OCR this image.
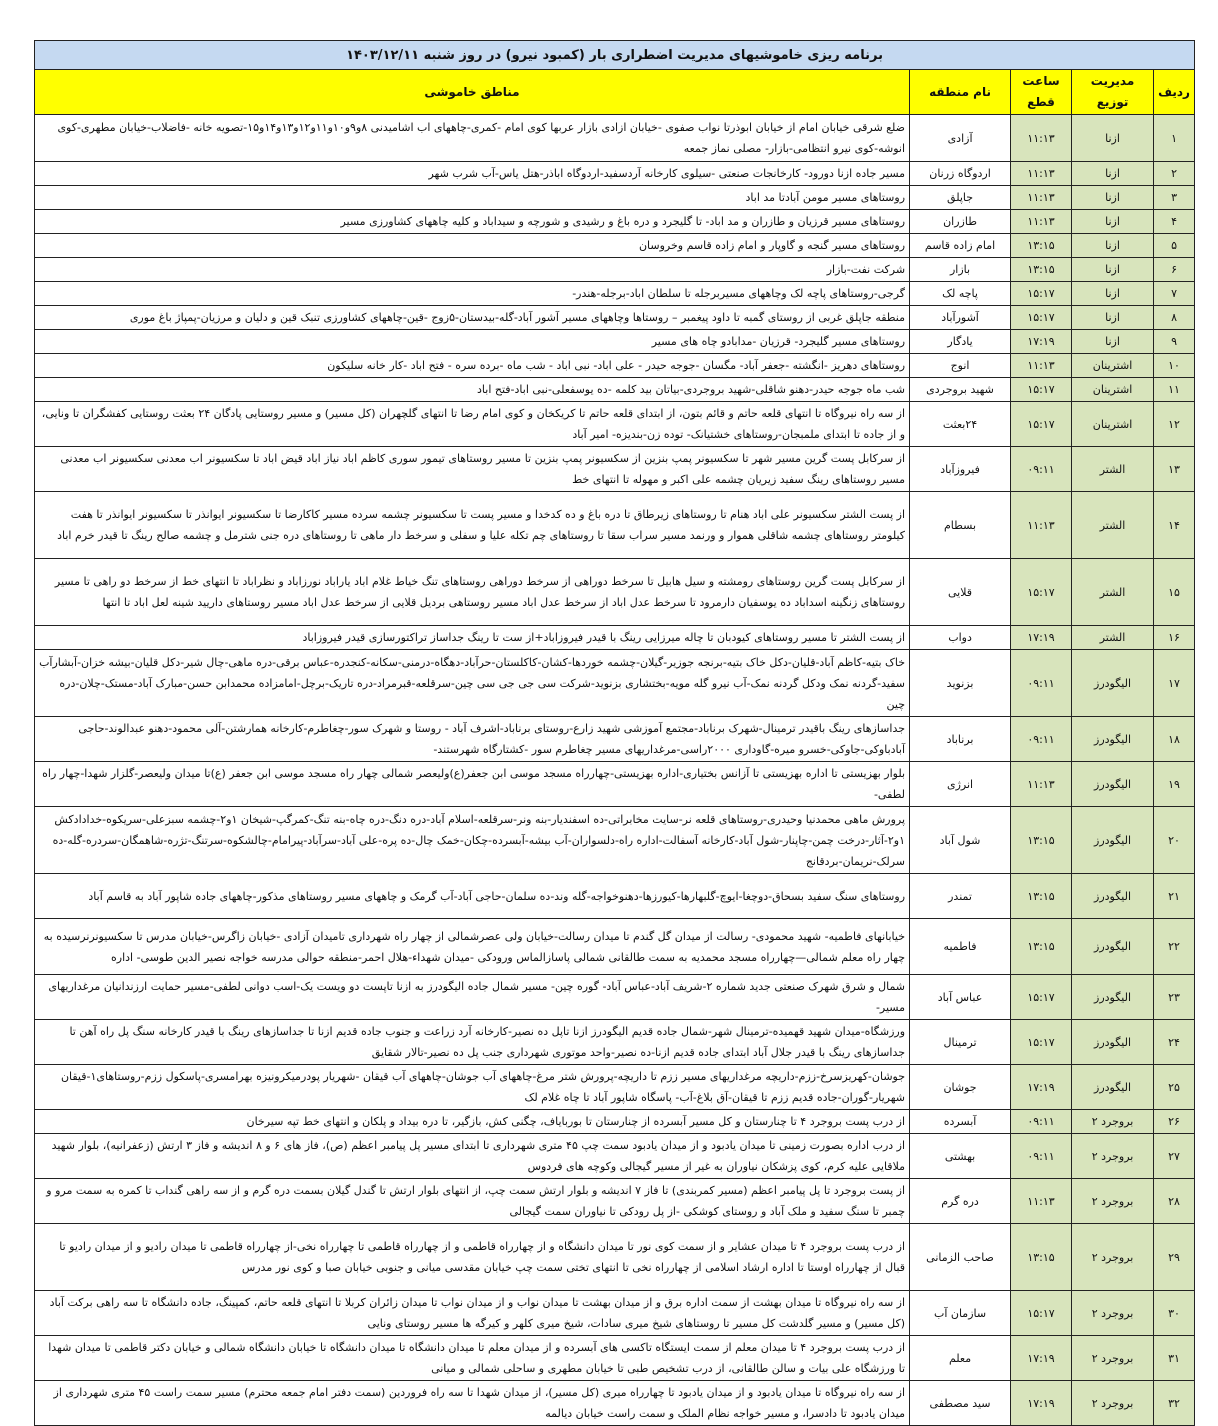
برنامه ریزی خاموشیهای مدیریت اضطراری بار (کمبود نیرو) در روز شنبه ۱۴۰۳/۱۲/۱۱				
ردیف	مدیریت توزیع	ساعت قطع	نام منطقه	مناطق خاموشی
۱	ازنا	۱۱:۱۳	آزادی	ضلع شرقی خیابان امام از خیابان ابوذرتا نواب صفوی -خیابان ازادی بازار عربها کوی امام -کمری-چاههای اب اشامیدنی ۸و۹و۱۰و۱۱و۱۲و۱۳و۱۴و۱۵-تصویه خانه -فاضلاب-خیابان مطهری-کوی انوشه-کوی نیرو انتظامی-بازار- مصلی نماز جمعه
۲	ازنا	۱۱:۱۳	اردوگاه زرنان	مسیر جاده ازنا دورود- کارخانجات صنعتی -سیلوی کارخانه آردسفید-اردوگاه اباذر-هتل یاس-آب شرب شهر
۳	ازنا	۱۱:۱۳	جاپلق	روستاهای مسیر مومن آبادتا مد اباد
۴	ازنا	۱۱:۱۳	طازران	روستاهای مسیر قرزیان و طازران و مد اباد- تا گلیجرد و دره باغ و رشیدی و شورچه و سیداباد و کلیه چاههای کشاورزی مسیر
۵	ازنا	۱۳:۱۵	امام زاده قاسم	روستاهای مسیر گنجه و گاوپار و امام زاده قاسم وخروسان
۶	ازنا	۱۳:۱۵	بازار	شرکت نفت-بازار
۷	ازنا	۱۵:۱۷	پاچه لک	گرجی-روستاهای پاچه لک وچاههای مسیربرجله تا سلطان اباد-برجله-هندر-
۸	ازنا	۱۵:۱۷	آشورآباد	منطقه جاپلق غربی از روستای گمبه تا داود پیغمبر – روستاها وچاههای مسیر آشور آباد-گله-بیدستان-۵زوج -قین-چاههای کشاورزی تنبک قین و دلیان و مرزیان-پمپاژ باغ موری
۹	ازنا	۱۷:۱۹	یادگار	روستاهای مسیر گلیجرد- قرزیان -مداباد‌و چاه های مسیر
۱۰	اشترینان	۱۱:۱۳	انوج	روستاهای دهریز -انگشته -جعفر آباد- مگسان -جوجه حیدر - علی اباد- نبی اباد - شب ماه -برده سره - فتح اباد -کار خانه سلیکون
۱۱	اشترینان	۱۵:۱۷	شهید بروجردی	شب ماه جوجه حیدر-دهنو شاقلی-شهید بروجردی-بیاتان بید کلمه -ده یوسفعلی-نبی اباد-فتح اباد
۱۲	اشترینان	۱۵:۱۷	۲۴بعثت	از سه راه نیروگاه تا انتهای قلعه حاتم و قائم بتون، از ابتدای قلعه حاتم تا کریکخان و کوی امام رضا تا انتهای گلچهران (کل مسیر) و مسیر روستایی پادگان ۲۴ بعثت روستایی کفشگران تا ونایی، و از جاده تا ابتدای ملمبجان-روستاهای خشتیانک- توده زن-بندیزه- امیر آباد
۱۳	الشتر	۰۹:۱۱	فیروزآباد	از سرکابل پست گرین مسیر شهر تا سکسیونر پمپ بنزین از سکسیونر پمپ بنزین تا مسیر روستاهای تیمور سوری کاظم اباد نیاز اباد قیض اباد تا سکسیونر اب معدنی سکسیونر اب معدنی مسیر روستاهای رینگ سفید زیریان چشمه علی اکبر و مهوله تا انتهای خط
۱۴	الشتر	۱۱:۱۳	بسطام	از پست الشتر سکسیونر علی اباد هنام تا روستاهای زیرطاق تا دره باغ و ده کدخدا و مسیر پست تا سکسیونر چشمه سرده مسیر کاکارضا تا سکسیونر ایوانذر تا سکسیونر ایوانذر تا هفت کیلومتر روستاهای چشمه شاقلی هموار و ورنمد مسیر سراب سقا تا روستاهای چم تکله علیا و سفلی و سرخط دار ماهی تا روستاهای دره جنی شترمل و چشمه صالح رینگ تا قیدر خرم اباد
۱۵	الشتر	۱۵:۱۷	قلایی	از سرکابل پست گرین روستاهای رومشته و سیل هابیل تا سرخط دوراهی از سرخط دوراهی روستاهای تنگ خیاط غلام اباد یاراباد نورزاباد و نظراباد تا انتهای خط از سرخط دو راهی تا مسیر روستاهای زنگینه اسداباد ده یوسفیان دارمرود تا سرخط عدل اباد از سرخط عدل اباد مسیر روستاهی بردیل قلایی از سرخط عدل اباد مسیر روستاهای داریید شینه لعل اباد تا انتها
۱۶	الشتر	۱۷:۱۹	دواب	از پست الشتر تا مسیر روستاهای کیودبان تا چاله میرزایی رینگ با قیدر فیروزاباد+از ست تا رینگ جداساز تراکتورسازی قیدر فیروزاباد
۱۷	الیگودرز	۰۹:۱۱	بزنوید	خاک بتیه-کاظم آباد-قلیان-دکل خاک بتیه-برنجه جوزیر-گیلان-چشمه خوردها-کشان-کاکلستان-حرآباد-دهگاه-درمنی-سکانه-کنجدره-عباس برقی-دره ماهی-چال شیر-دکل قلیان-بیشه خزان-آبشارآب سفید-گردنه نمک ودکل گردنه نمک-آب نیرو گله مویه-بختشاری بزنوید-شرکت سی جی جی سی چین-سرقلعه-قبرمراد-دره تاریک-برچل-امامزاده محمدابن حسن-مبارک آباد-مستک-چلان-دره چین
۱۸	الیگودرز	۰۹:۱۱	برناباد	جداسازهای رینگ باقیدر ترمینال-شهرک برناباد-مجتمع آموزشی شهید زارع-روستای برناباد-اشرف آباد - روستا و شهرک سور-چغاطرم-کارخانه همارشتن-آلی محمود-دهنو عبدالوند-حاجی آبادباوکی-جاوکی-خسرو میره-گاوداری ۲۰۰۰راسی-مرغداریهای مسیر چغاطرم سور -کشتارگاه شهرستند-
۱۹	الیگودرز	۱۱:۱۳	انرژی	بلوار بهزیستی تا اداره بهزیستی تا آزانس بختیاری-اداره بهزیستی-چهارراه مسجد موسی ابن جعفر(ع)ولیعصر شمالی چهار راه مسجد موسی ابن جعفر (ع)تا میدان ولیعصر-گلزار شهدا-چهار راه لطفی-
۲۰	الیگودرز	۱۳:۱۵	شول آباد	پرورش ماهی محمدنیا وحیدری-روستاهای قلعه نر-سایت مخابراتی-ده اسفندیار-بنه ونر-سرقلعه-اسلام آباد-دره دنگ-دره چاه-بنه تنگ-کمرگپ-شیخان ۱و۲-چشمه سبزعلی-سریکوه-خدادادکش ۱و۲-آثار-درخت چمن-چاپنار-شول آباد-کارخانه آسفالت-اداره راه-دلسواران-آب بیشه-آبسرده-چکان-خمک چال-ده پره-علی آباد-سرآباد-پیرامام-چالشکوه-سرتنگ-تژره-شاهمگان-سردره-گله-ده سرلک-نریمان-بردقانج
۲۱	الیگودرز	۱۳:۱۵	تمندر	روستاهای سنگ سفید بسحاق-دوچغا-ایوچ-گلبهارها-کیورزها-دهنوخواجه-گله وند-ده سلمان-حاجی آباد-آب گرمک و چاههای مسیر روستاهای مذکور-چاههای جاده شاپور آباد به قاسم آباد
۲۲	الیگودرز	۱۳:۱۵	فاطمیه	خیابانهای فاطمیه- شهید محمودی- رسالت از میدان گل گندم تا میدان رسالت-خیابان ولی عصرشمالی از چهار راه شهرداری تامیدان آزادی -خیابان زاگرس-خیابان مدرس تا سکسیونرنرسیده به چهار راه معلم شمالی—چهارراه مسجد محمدیه به سمت طالقانی شمالی پاسازالماس ورودکی -میدان شهداء-هلال احمر-منطقه حوالی مدرسه خواجه نصیر الدین طوسی- اداره
۲۳	الیگودرز	۱۵:۱۷	عباس آباد	شمال و شرق شهرک صنعتی جدید شماره ۲-شریف آباد-عباس آباد- گوره چین- مسیر شمال جاده الیگودرز به ازنا تاپست دو ویست یک-اسب دوانی لطفی-مسیر حمایت ارزندانیان مرغداریهای مسیر-
۲۴	الیگودرز	۱۵:۱۷	ترمینال	ورزشگاه-میدان شهید قهمیده-ترمینال شهر-شمال جاده قدیم الیگودرز ازنا تاپل ده نصیر-کارخانه آرد زراعت و جنوب جاده قدیم ازنا تا جداسازهای رینگ با قیدر کارخانه سنگ پل راه آهن تا جداسازهای رینگ با قیدر جلال آباد ابتدای جاده قدیم ازنا-ده نصیر-واحد موتوری شهرداری جنب پل ده نصیر-تالار شقایق
۲۵	الیگودرز	۱۷:۱۹	جوشان	جوشان-کهریزسرخ-ززم-داریچه مرغداریهای مسیر ززم تا داریچه-پرورش شتر مرغ-چاههای آب جوشان-چاههای آب قیقان -شهریار پودرمیکرونیزه بهرامسری-پاسکول ززم-روستاهای۱-قیقان شهریار-گوران-جاده قدیم ززم تا قیقان-آق بلاغ-آب- پاسگاه شاپور آباد تا چاه غلام لک
۲۶	بروجرد ۲	۰۹:۱۱	آبسرده	از درب پست بروجرد ۴ تا چنارستان و کل مسیر آبسرده از چنارستان تا بوربایاف، چگنی کش، بازگیر، تا دره بیداد و پلکان و انتهای خط تپه سیرخان
۲۷	بروجرد ۲	۰۹:۱۱	بهشتی	از درب اداره بصورت زمینی تا میدان یادبود و از میدان یادبود سمت چپ ۴۵ متری شهرداری تا ابتدای مسیر پل پیامبر اعظم (ص)، فاز های ۶ و ۸ اندیشه و فاز ۳ ارتش (زعفرانیه)، بلوار شهید ملاقایی علیه کرم، کوی پزشکان نیاوران به غیر از مسیر گیجالی وکوچه های فردوس
۲۸	بروجرد ۲	۱۱:۱۳	دره گرم	از پست بروجرد تا پل پیامبر اعظم (مسیر کمربندی) تا فاز ۷ اندیشه و بلوار ارتش سمت چپ، از انتهای بلوار ارتش تا گندل گیلان بسمت دره گرم و از سه راهی گنداب تا کمره به سمت مرو و چمبر تا سنگ سفید و ملک آباد و روستای کوشکی -از پل رودکی تا نیاوران سمت گیجالی
۲۹	بروجرد ۲	۱۳:۱۵	صاحب الزمانی	از درب پست بروجرد ۴ تا میدان عشایر و از سمت کوی نور تا میدان دانشگاه و از چهارراه قاطمی و از چهارراه قاطمی تا چهارراه نخی-از چهارراه قاطمی تا میدان رادیو و از میدان رادیو تا قبال از چهارراه اوستا تا اداره ارشاد اسلامی از چهارراه نخی تا انتهای تختی سمت چپ خیابان مقدسی میانی و جنوبی خیابان صبا و کوی نور مدرس
۳۰	بروجرد ۲	۱۵:۱۷	سازمان آب	از سه راه نیروگاه تا میدان بهشت از سمت اداره برق و از میدان بهشت تا میدان نواب و از میدان نواب تا میدان زائران کربلا تا انتهای قلعه حاتم، کمپینگ، جاده دانشگاه تا سه راهی برکت آباد (کل مسیر) و مسیر گلدشت کل مسیر تا روستاهای شیخ میری سادات، شیخ میری کلهر و کیرگه ها مسیر روستای ونایی
۳۱	بروجرد ۲	۱۷:۱۹	معلم	از درب پست بروجرد ۴ تا میدان معلم از سمت ایستگاه تاکسی های آبسرده و از میدان معلم تا میدان دانشگاه تا میدان دانشگاه تا خیابان دانشگاه شمالی و خیابان دکتر قاطمی تا میدان شهدا تا ورزشگاه علی بیات و سالن طالقانی، از درب تشخیص طبی تا خیابان مطهری و ساحلی شمالی و میانی
۳۲	بروجرد ۲	۱۷:۱۹	سید مصطفی	از سه راه نیروگاه تا میدان یادبود و از میدان یادبود تا چهارراه میری (کل مسیر)، از میدان شهدا تا سه راه فروردین (سمت دفتر امام جمعه محترم) مسیر سمت راست ۴۵ متری شهرداری از میدان یادبود تا دادسرا، و مسیر خواجه نظام الملک و سمت راست خیابان دیالمه
